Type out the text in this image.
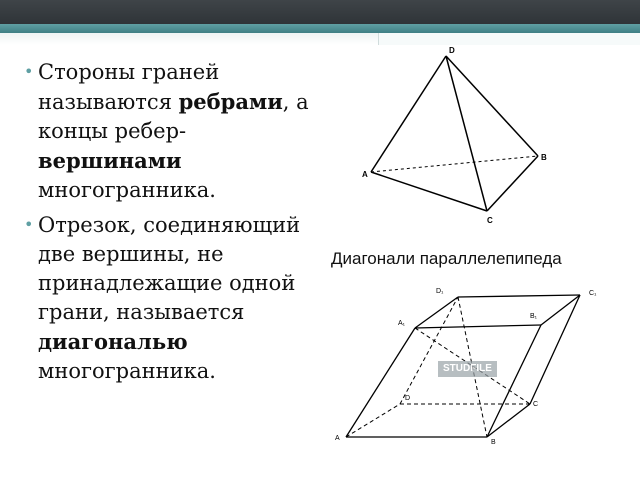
• Стороны граней называются ребрами, а концы ребер- вершинами многогранника.
• Отрезок, соединяющий две вершины, не принадлежащие одной грани, называется диагональю многогранника.
D
A
B
C
A
B
C
D
A₁
B₁
C₁
D₁
Диагонали параллелепипеда
STUDFILE
